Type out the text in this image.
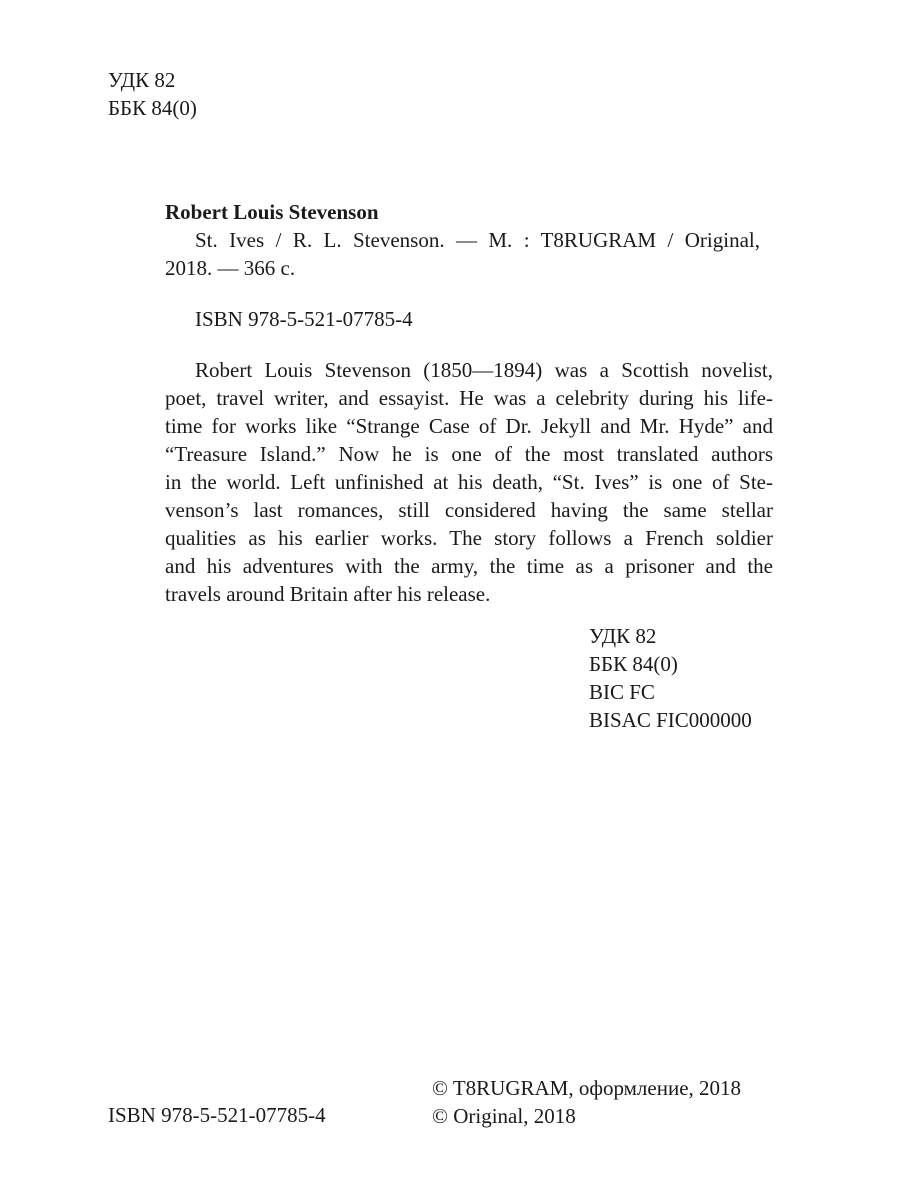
УДК 82
ББК 84(0)
Robert Louis Stevenson
St. Ives / R. L. Stevenson. — M. : T8RUGRAM / Original,
2018. — 366 с.
ISBN 978-5-521-07785-4
Robert Louis Stevenson (1850—1894) was a Scottish novelist,
poet, travel writer, and essayist. He was a celebrity during his life-
time for works like “Strange Case of Dr. Jekyll and Mr. Hyde” and
“Treasure Island.” Now he is one of the most translated authors
in the world. Left unfinished at his death, “St. Ives” is one of Ste-
venson’s last romances, still considered having the same stellar
qualities as his earlier works. The story follows a French soldier
and his adventures with the army, the time as a prisoner and the
travels around Britain after his release.
УДК 82
ББК 84(0)
BIC FC
BISAC FIC000000
ISBN 978-5-521-07785-4
© T8RUGRAM, оформление, 2018
© Original, 2018
